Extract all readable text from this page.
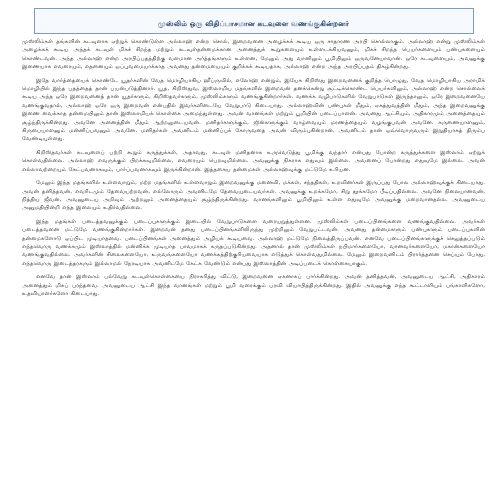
முஸ்லிம் ஒரு விதிப்பாசமான கடவுளை வணங்குகின்றனர்

முஸ்லிம்கள் தங்களின் கடவுளாக ஏற்றுக் கொண்டுள்ள அல்லாஹ் என்ற சொல், இறைவனை அழைக்கக் கூடிய ஒரு சாதாரண அரபி சொல்லாகும். அல்லாஹ் என்று முஸ்லிம்கள் அழைக்கக் கூடிய அந்தக் கடவுள் மிகச் சிறந்த மற்றும் கடவுள்தன்மைக்கான அனைத்துக் கூறுகளையும் உள்ளடக்கியவனும், மிகச் சிறந்த பெயர்களையும் பண்புகளையும் கொண்டவன். அந்த அல்லாஹ் என்ற அரபிப்பதத்திற்கு வளமான அர்த்தங்களும் உள்ளன, மேலும் அது வானிலும் பூமியிலும் ஒருவனேயாவான். ஒரே கடவுளையும், அவனுக்கு இணையாக எவரையும், எதனையும் ஒப்புவமையாக்காத அவனது தன்மையையும் குறிக்கக் கூடியதாக, அல்லாஹ் என்ற அந்த அரபிப்பதம் திகழ்கின்றது.

இதே வார்த்தையைக் கொண்டே யூதர்களின் வேத மொழியாகிய ஹீப்ருவில், எலோஹ் என்றும், இயேசு கிறிஸ்து இறைவனைக் குறித்த பொழுது, வேத மொழியாகிய அராமிக் மொழியில் இந்த பதத்தைத் தான் பயன்படுத்தினார். யூத, கிறிஸ்துவ, இஸ்லாமிய மதங்களில் இறைவன் தனக்கென்று சூட்டிக்கொண்ட பெயர்களிலும், அல்லாஹ் என்ற சொல்லைக் கூடிய அந்த ஒரே இறைவனைத் தான் யூதர்களும், கிறிஸ்தவர்களும், முஸ்லிம்களும் வணங்குகின்றார்கள். வணக்க வழிபாடுகளில் வேறுபாடுகள் இருந்தாலும், ஒரே இறைவனையே வணங்குவதால், அல்லாஹ் ஒரே ஒரு இறைவன் என்பதில் இவர்களிடையே வேறுபாடு கிடையாது. அல்லாஹ்வின் பண்புகள் மீதும், ஏகத்துவத்தின் மீதும், அந்த இறைவனுக்கு இணை வைக்காத தன்மையிலும் தான் இஸ்லாமியக் கொள்கை அமைந்துள்ளது. அவன் வானங்கள் மற்றும் பூமியின் படைப்பாளன். அவனது ஆட்சியும், அதிகாரமும் அனைத்தையும் சூழ்ந்திருக்கின்றது. அவனே அனைத்தின் மீதும் ஆற்றலுடையவன். மனிதர்களுக்கும், ஜின்களுக்கும் வாழ்வையும் மரணத்தையும் வழங்குபவன் அவனே. கருணையாளனும், கிருபையாளனும் மன்னிப்பவனும் அவனே. மனிதர்கள் அவனிடம் மன்னிப்புக் கோருவதை அவன் விரும்புகின்றான். அவனிடம் தான் ஒவ்வொருவரும் இறுதியாகத் திரும்ப வேண்டியுள்ளது.

கிறிஸ்தவர்கள் கடவுளைப் பற்றி கூறும் கருத்துக்கள், அதாவது, கடவுள் மனிதனாக உருவெடுத்து பூமிக்கு வந்தார் என்பது போன்ற கருத்துக்களை இஸ்லாம் ஏற்றுக் கொள்வதில்லை. அல்லாஹ் எவருக்கும் பிறக்கவுமில்லை, எவரையும் பெறவுமில்லை. அவனுக்கு நிகராக எதுவும் இல்லை. அவனைப் போன்றது எதுவுமே இல்லை. அவன் எல்லாவற்றையும் கேட்பவனாகவும், பார்ப்பவனாகவும் இருக்கின்றான். இத்தகைய தன்மைகள் அல்லாஹ்வுக்கு மட்டுமே உரியன.

மேலும் இந்த மதங்களில் உள்ளவாறும், மற்ற மதங்களில் உள்ளவாறும் இறைவனுக்கு மனைவி, மக்கள், சந்ததிகள், உறவினர்கள் இருப்பது போல அல்லாஹ்வுக்குக் கிடையாது. அவன் தனித்தவன், எவரிடமும் தேவையற்றவன், எல்லோரும் அவனிடமே தேவையுடையவர்கள். அவனுக்கு உறக்கமோ, சிறு தூக்கமோ பீடிப்பதில்லை. அவனே நிலையானவன், நித்திய ஜீவன், அவனுடைய அறிவும் ஆற்றலும் அனைத்தையும் சூழ்ந்திருக்கின்றது. வானங்களிலும் பூமியிலும் உள்ள எதுவுமே அவனுக்கு மறைவானதல்ல. அவனுடைய அனுமதியின்றி எந்த இலையும் உதிர்வதில்லை.

இந்த மதங்கள் படைத்தவனுக்கும் படைப்புகளுக்கும் இடையில் வேறுபாடுகளை வரையறுத்துள்ளன. முஸ்லிம்கள் படைப்பினங்களை வணங்குவதில்லை. அவர்கள் படைத்தவனை மட்டுமே வணங்குகின்றார்கள். இறைவன் தனது படைப்பினங்களிலிருந்து முற்றிலும் வேறுபட்டவன். அவனது தன்மைகளும் பண்புகளும் படைப்புகளின் தன்மைகளோடு ஒப்பிட முடியாதவை. படைப்பினங்கள் அனைத்தும் அழியக் கூடியவை. அல்லாஹ் மட்டுமே நிலைத்திருப்பவன். எனவே படைப்பினங்களுக்குச் செலுத்தப்படும் எந்தவொரு வணக்கமும் இஸ்லாத்தில் மன்னிக்க முடியாத பாவமாகக் கருதப்படுகின்றது. அதனால் தான் முஸ்லிம்கள் நபிமார்களையோ, வானவர்களையோ, மகான்களையோ வணங்குவதில்லை. அவர்களின் சிலைகளையோ, உருவங்களையோ வணக்கத்திற்குரியவையாக எடுத்துக் கொள்வதுமில்லை. மேலும் இறைவனிடம் பிரார்த்தனை செய்யும் போது, எந்தவொரு இடைத்தரகரும் இல்லாமல் நேரடியாக அவனிடமே கேட்க வேண்டும் என்பது இஸ்லாத்தின் அடிப்படைக் கொள்கையாகும்.

எனவே தான் இஸ்லாம் பல்வேறு கடவுள்கொள்கையை நிராகரித்து விட்டு, இறைவனை ஏகனாகப் பார்க்கின்றது. அவன் தனித்தவன், அவனுடைய ஆட்சி, அதிகாரம் அனைத்தும் மிகப் பரந்தவை. அவனுடைய ஆட்சி இந்த வானங்கள் மற்றும் பூமி வரைக்கும் பரவி வியாபித்திருக்கின்றது. இதில் அவனுக்கு எந்த கூட்டாளியும் பங்காளிகளோ, உதவியாளர்களோ கிடையாது.
